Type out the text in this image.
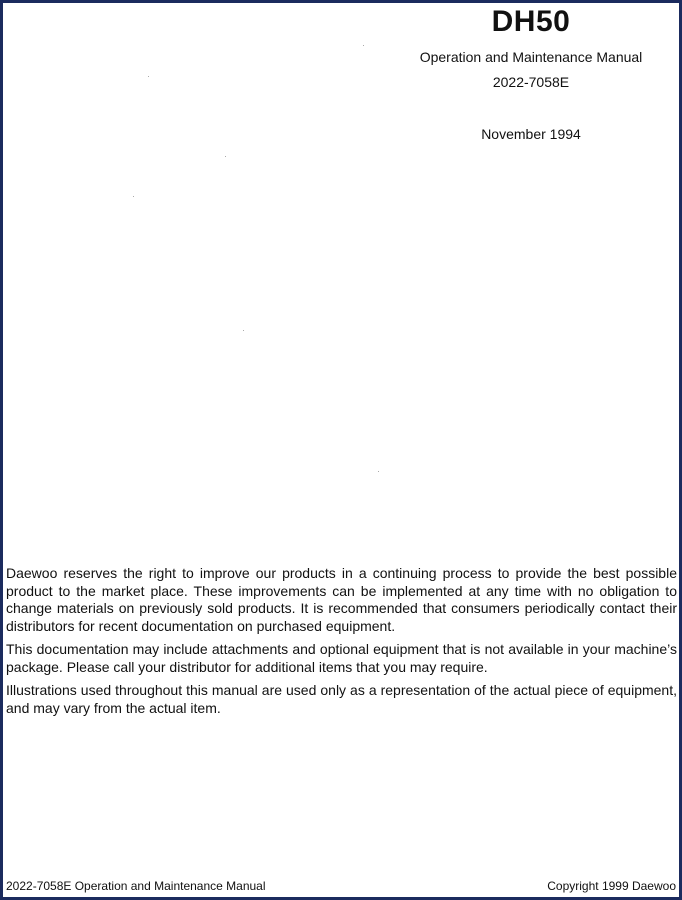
DH50
Operation and Maintenance Manual
2022-7058E
November 1994

Daewoo reserves the right to improve our products in a continuing process to provide the best possible product to the market place. These improvements can be implemented at any time with no obligation to change materials on previously sold products. It is recommended that consumers periodically contact their distributors for recent documentation on purchased equipment.

This documentation may include attachments and optional equipment that is not available in your machine’s package. Please call your distributor for additional items that you may require.

Illustrations used throughout this manual are used only as a representation of the actual piece of equipment, and may vary from the actual item.

2022-7058E Operation and Maintenance Manual	Copyright 1999 Daewoo
